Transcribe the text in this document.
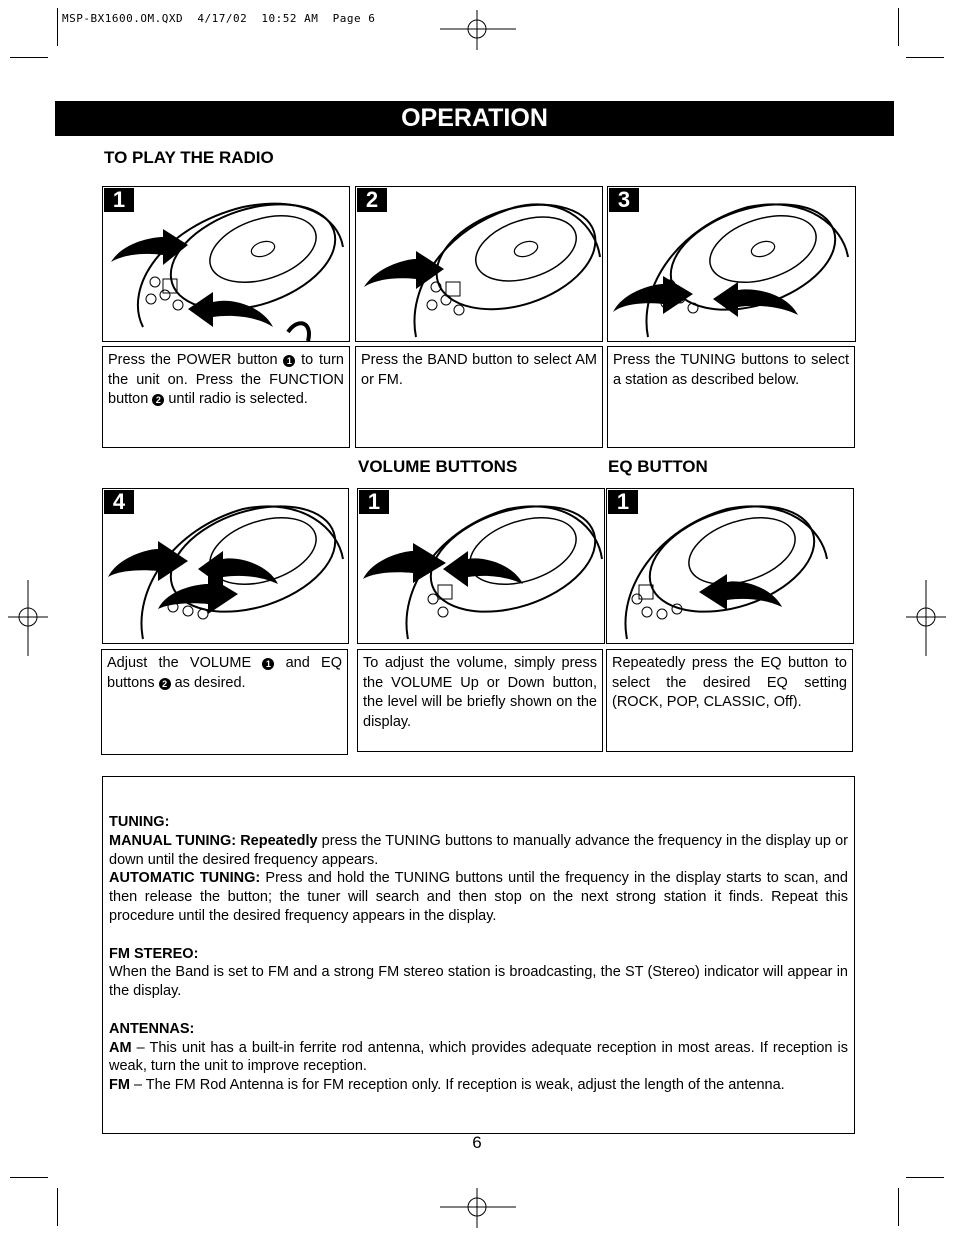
MSP-BX1600.OM.QXD  4/17/02  10:52 AM  Page 6
OPERATION
TO PLAY THE RADIO
1	2	3
Press the POWER button 1 to turn the unit on. Press the FUNCTION button 2 until radio is selected.
Press the BAND button to select AM or FM.
Press the TUNING buttons to select a station as described below.
VOLUME BUTTONS	EQ BUTTON
4	1	1
Adjust the VOLUME 1 and EQ buttons 2 as desired.
To adjust the volume, simply press the VOLUME Up or Down button, the level will be briefly shown on the display.
Repeatedly press the EQ button to select the desired EQ setting (ROCK, POP, CLASSIC, Off).

TUNING:

MANUAL TUNING: Repeatedly press the TUNING buttons to manually advance the frequency in the display up or down until the desired frequency appears.

AUTOMATIC TUNING: Press and hold the TUNING buttons until the frequency in the display starts to scan, and then release the button; the tuner will search and then stop on the next strong station it finds. Repeat this procedure until the desired frequency appears in the display.

FM STEREO:

When the Band is set to FM and a strong FM stereo station is broadcasting, the ST (Stereo) indicator will appear in the display.

ANTENNAS:

AM – This unit has a built-in ferrite rod antenna, which provides adequate reception in most areas. If reception is weak, turn the unit to improve reception.

FM – The FM Rod Antenna is for FM reception only. If reception is weak, adjust the length of the antenna.

6
